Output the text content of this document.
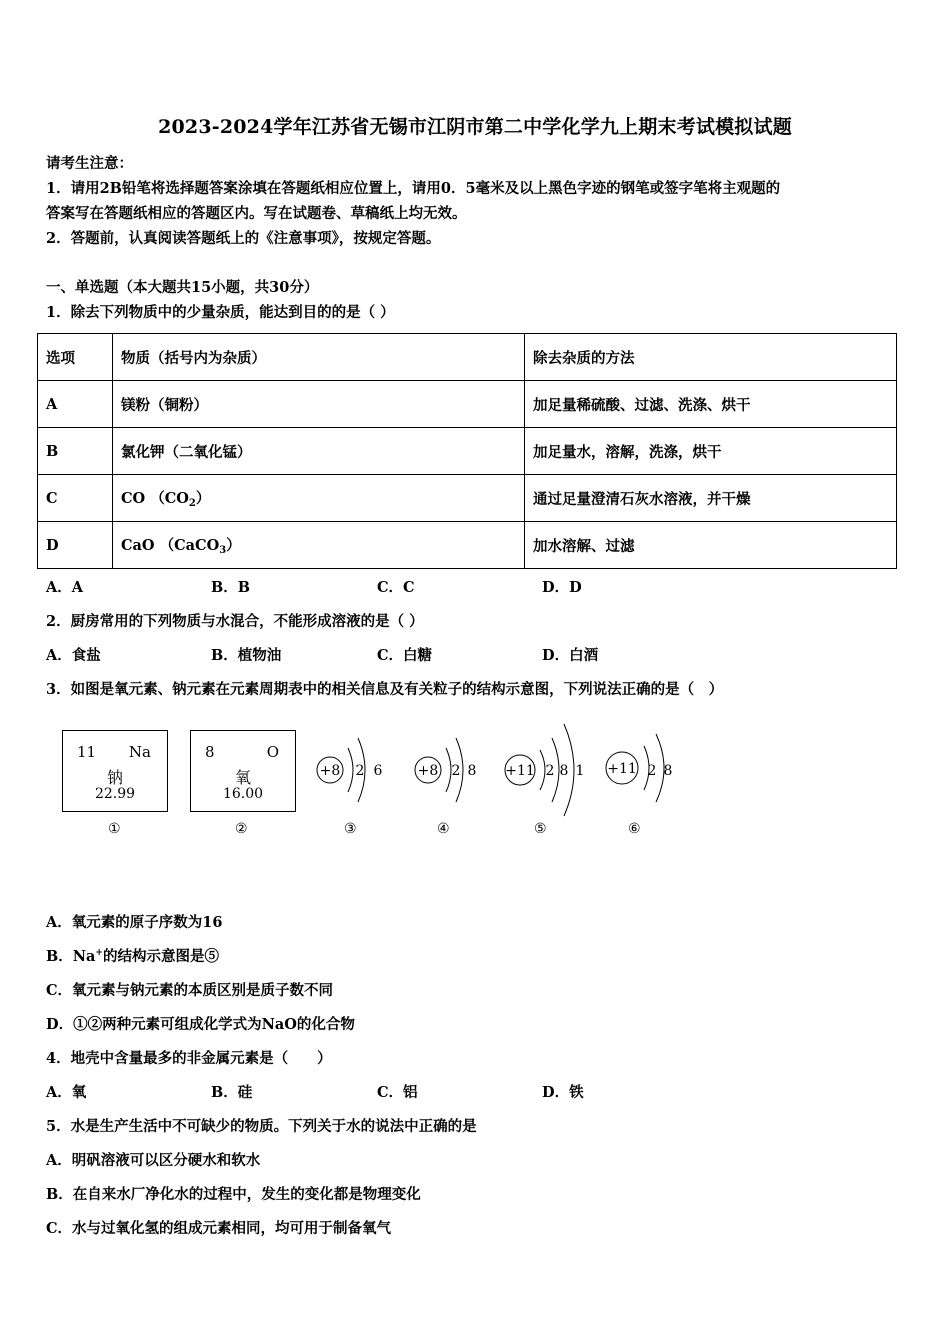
2023-2024学年江苏省无锡市江阴市第二中学化学九上期末考试模拟试题
请考生注意：
1．请用2B铅笔将选择题答案涂填在答题纸相应位置上，请用0．5毫米及以上黑色字迹的钢笔或签字笔将主观题的
答案写在答题纸相应的答题区内。写在试题卷、草稿纸上均无效。
2．答题前，认真阅读答题纸上的《注意事项》，按规定答题。
一、单选题（本大题共15小题，共30分）
1．除去下列物质中的少量杂质，能达到目的的是（ ）
选项	物质（括号内为杂质）	除去杂质的方法
A	镁粉（铜粉）	加足量稀硫酸、过滤、洗涤、烘干
B	氯化钾（二氧化锰）	加足量水，溶解，洗涤，烘干
C	CO $(CO_2)$	通过足量澄清石灰水溶液，并干燥
D	CaO （CaCO$_3$）	加水溶解、过滤
A．A	B．B	C．C	D．D
2．厨房常用的下列物质与水混合，不能形成溶液的是（ ）
A．食盐	B．植物油	C．白糖	D．白酒
3．如图是氧元素、钠元素在元素周期表中的相关信息及有关粒子的结构示意图，下列说法正确的是（　）
11 Na
钠
22.99
8	O
氧
16.00
+8 2 6	+8 2 8 +11 2 8 1 +11 2 8
①	②	③	④	⑤	⑥
A．氧元素的原子序数为16
B．Na+的结构示意图是⑤
C．氧元素与钠元素的本质区别是质子数不同
D．①②两种元素可组成化学式为NaO的化合物
4．地壳中含量最多的非金属元素是（　　）
A．氧	B．硅	C．铝	D．铁
5．水是生产生活中不可缺少的物质。下列关于水的说法中正确的是
A．明矾溶液可以区分硬水和软水
B．在自来水厂净化水的过程中，发生的变化都是物理变化
C．水与过氧化氢的组成元素相同，均可用于制备氧气
